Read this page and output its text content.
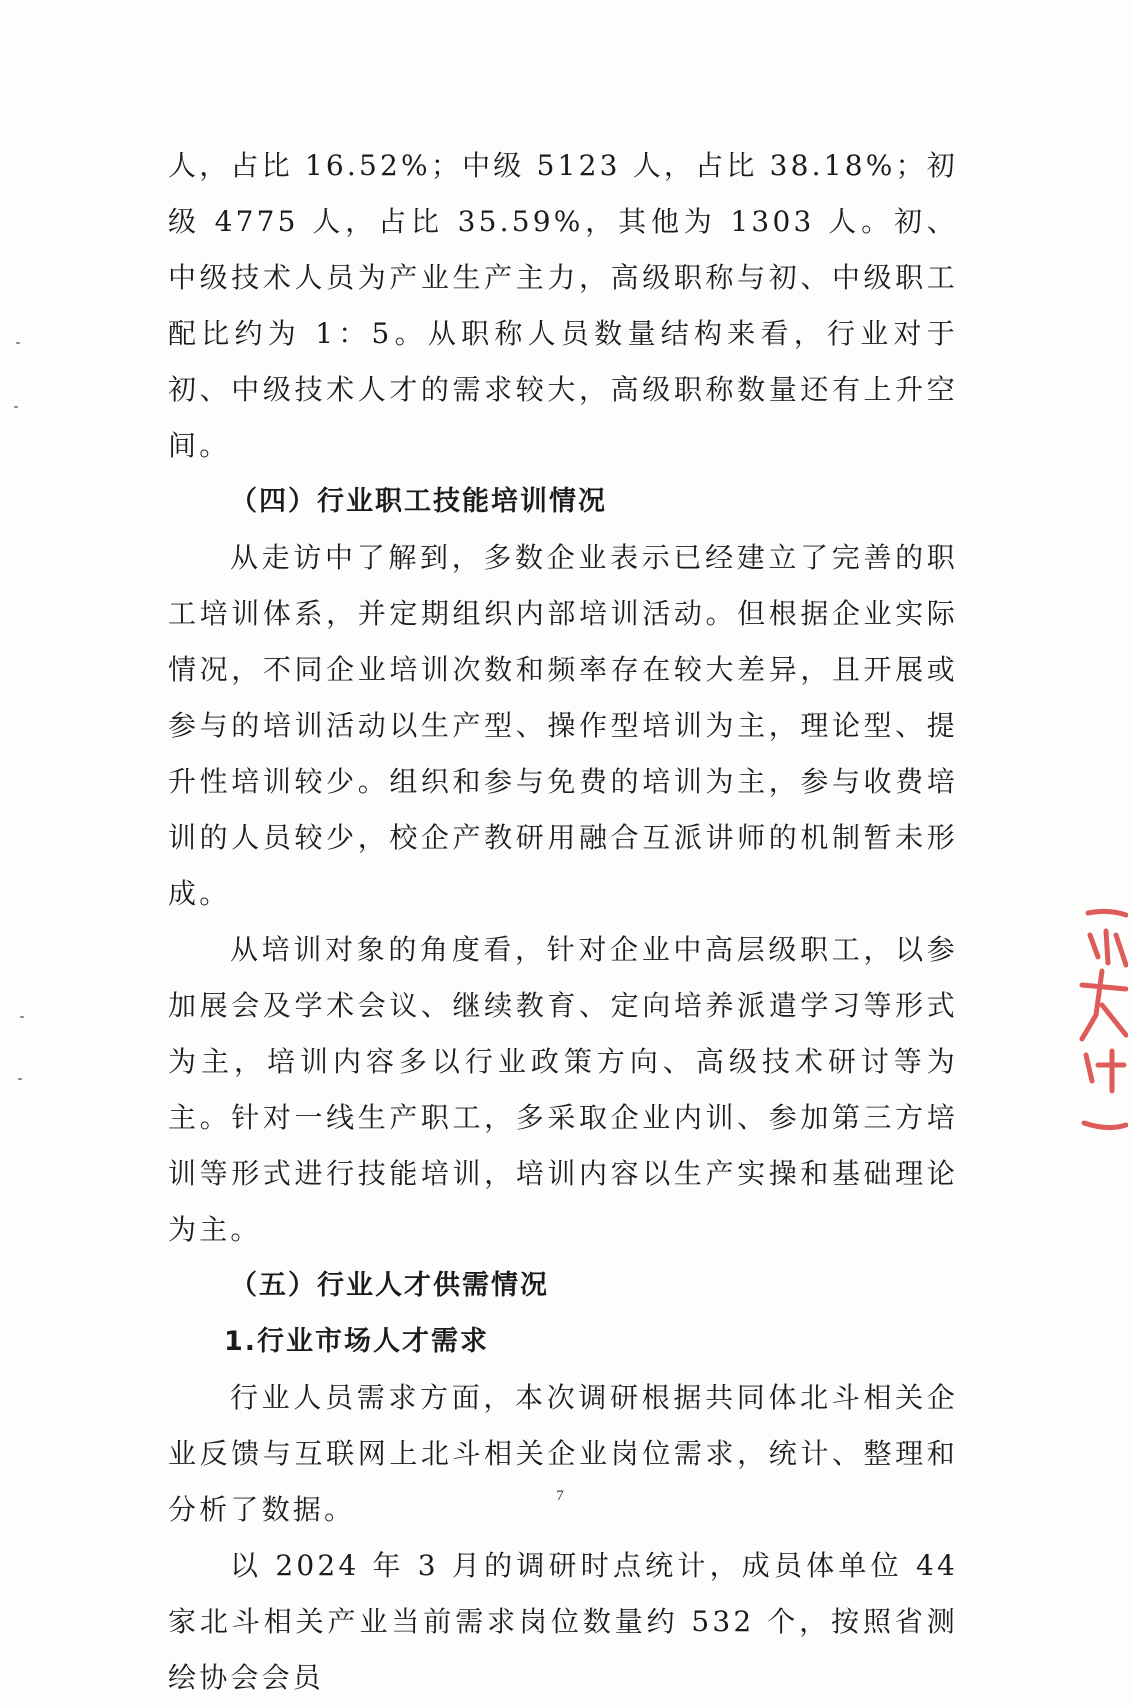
人，占比 16.52%；中级 5123 人，占比 38.18%；初级 4775 人，占比 35.59%，其他为 1303 人。初、中级技术人员为产业生产主力，高级职称与初、中级职工配比约为 1：5。从职称人员数量结构来看，行业对于初、中级技术人才的需求较大，高级职称数量还有上升空间。

（四）行业职工技能培训情况

从走访中了解到，多数企业表示已经建立了完善的职工培训体系，并定期组织内部培训活动。但根据企业实际情况，不同企业培训次数和频率存在较大差异，且开展或参与的培训活动以生产型、操作型培训为主，理论型、提升性培训较少。组织和参与免费的培训为主，参与收费培训的人员较少，校企产教研用融合互派讲师的机制暂未形成。

从培训对象的角度看，针对企业中高层级职工，以参加展会及学术会议、继续教育、定向培养派遣学习等形式为主，培训内容多以行业政策方向、高级技术研讨等为主。针对一线生产职工，多采取企业内训、参加第三方培训等形式进行技能培训，培训内容以生产实操和基础理论为主。

（五）行业人才供需情况

1.行业市场人才需求

行业人员需求方面，本次调研根据共同体北斗相关企业反馈与互联网上北斗相关企业岗位需求，统计、整理和分析了数据。

以 2024 年 3 月的调研时点统计，成员体单位 44 家北斗相关产业当前需求岗位数量约 532 个，按照省测绘协会会员

7
